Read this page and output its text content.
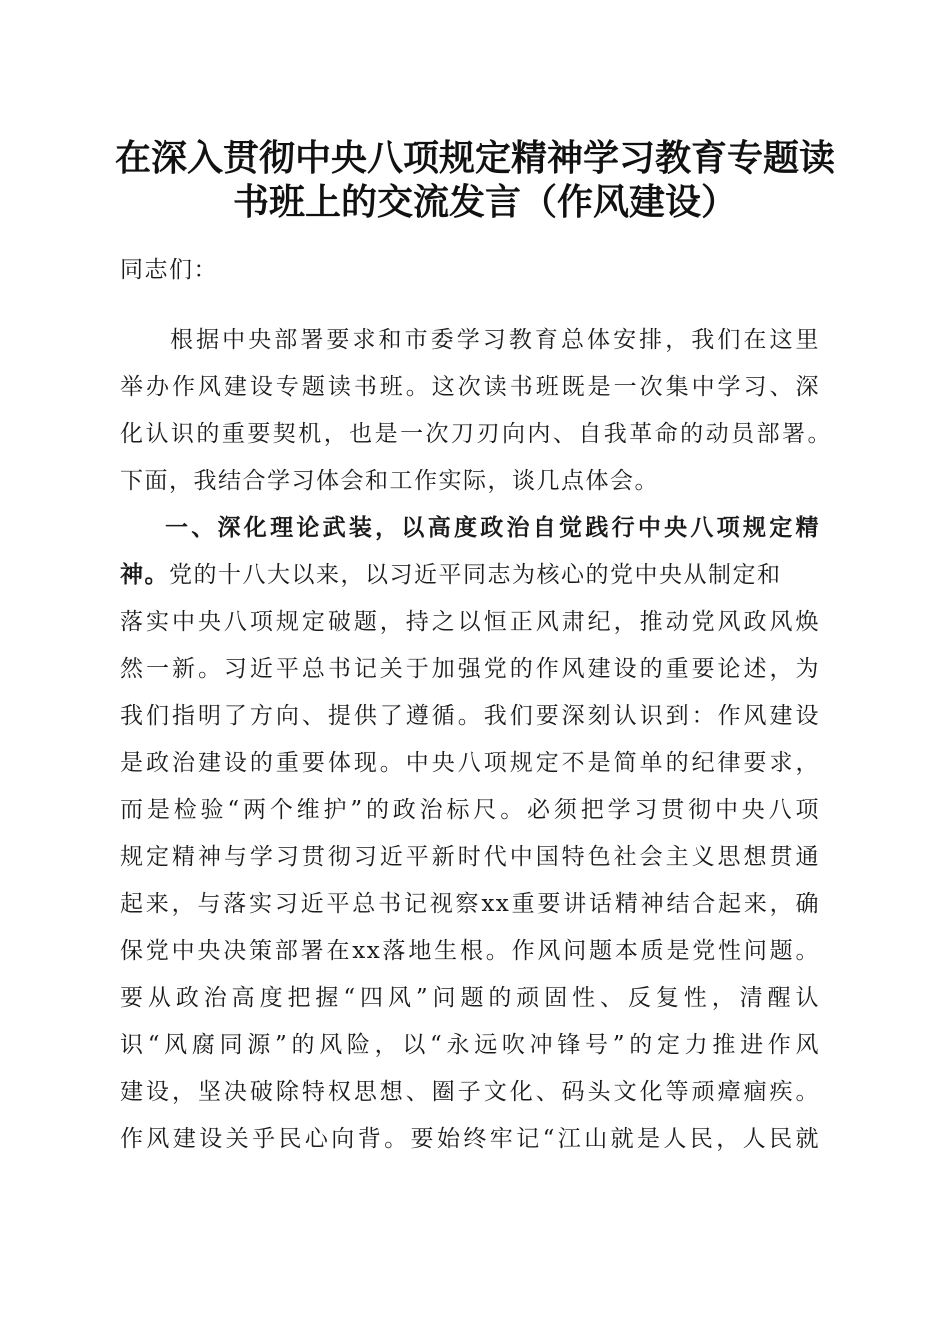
在深入贯彻中央八项规定精神学习教育专题读
书班上的交流发言（作风建设）
同志们：
根据中央部署要求和市委学习教育总体安排，我们在这里
举办作风建设专题读书班。这次读书班既是一次集中学习、深
化认识的重要契机，也是一次刀刃向内、自我革命的动员部署。
下面，我结合学习体会和工作实际，谈几点体会。
一、深化理论武装，以高度政治自觉践行中央八项规定精
神。党的十八大以来，以习近平同志为核心的党中央从制定和
落实中央八项规定破题，持之以恒正风肃纪，推动党风政风焕
然一新。习近平总书记关于加强党的作风建设的重要论述，为
我们指明了方向、提供了遵循。我们要深刻认识到：作风建设
是政治建设的重要体现。中央八项规定不是简单的纪律要求，
而是检验“两个维护”的政治标尺。必须把学习贯彻中央八项
规定精神与学习贯彻习近平新时代中国特色社会主义思想贯通
起来，与落实习近平总书记视察xx重要讲话精神结合起来，确
保党中央决策部署在xx落地生根。作风问题本质是党性问题。
要从政治高度把握“四风”问题的顽固性、反复性，清醒认
识“风腐同源”的风险，以“永远吹冲锋号”的定力推进作风
建设，坚决破除特权思想、圈子文化、码头文化等顽瘴痼疾。
作风建设关乎民心向背。要始终牢记“江山就是人民，人民就
